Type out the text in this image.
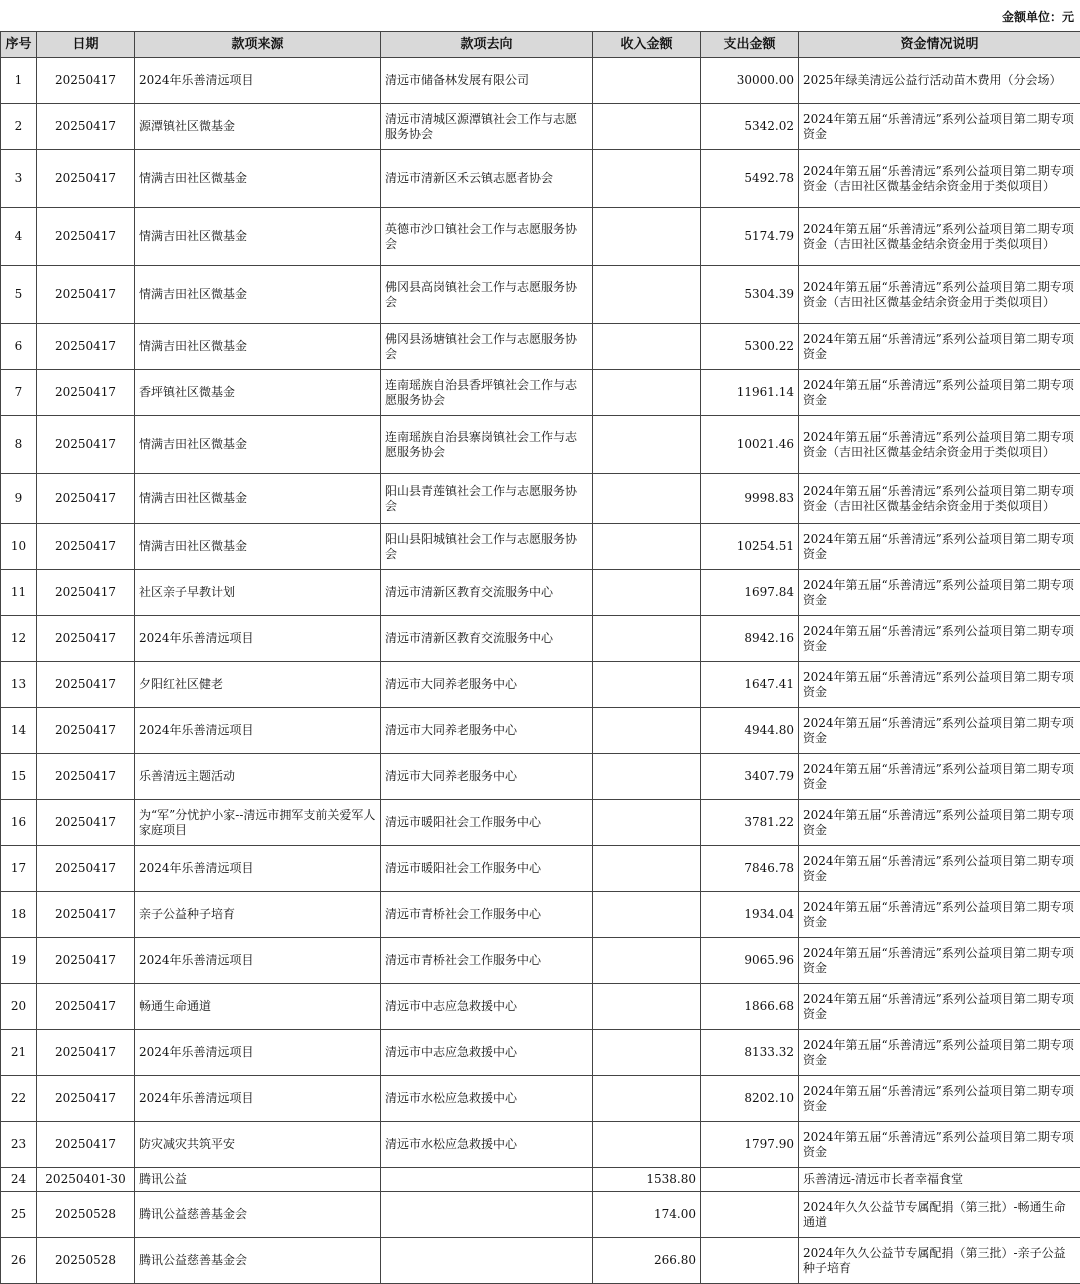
金额单位：元
序号	日期	款项来源	款项去向	收入金额	支出金额	资金情况说明
1	20250417	2024年乐善清远项目	清远市储备林发展有限公司		30000.00	2025年绿美清远公益行活动苗木费用（分会场）
2	20250417	源潭镇社区微基金	清远市清城区源潭镇社会工作与志愿服务协会		5342.02	2024年第五届“乐善清远”系列公益项目第二期专项资金
3	20250417	情满吉田社区微基金	清远市清新区禾云镇志愿者协会		5492.78	2024年第五届“乐善清远”系列公益项目第二期专项资金（吉田社区微基金结余资金用于类似项目）
4	20250417	情满吉田社区微基金	英德市沙口镇社会工作与志愿服务协会		5174.79	2024年第五届“乐善清远”系列公益项目第二期专项资金（吉田社区微基金结余资金用于类似项目）
5	20250417	情满吉田社区微基金	佛冈县高岗镇社会工作与志愿服务协会		5304.39	2024年第五届“乐善清远”系列公益项目第二期专项资金（吉田社区微基金结余资金用于类似项目）
6	20250417	情满吉田社区微基金	佛冈县汤塘镇社会工作与志愿服务协会		5300.22	2024年第五届“乐善清远”系列公益项目第二期专项资金
7	20250417	香坪镇社区微基金	连南瑶族自治县香坪镇社会工作与志愿服务协会		11961.14	2024年第五届“乐善清远”系列公益项目第二期专项资金
8	20250417	情满吉田社区微基金	连南瑶族自治县寨岗镇社会工作与志愿服务协会		10021.46	2024年第五届“乐善清远”系列公益项目第二期专项资金（吉田社区微基金结余资金用于类似项目）
9	20250417	情满吉田社区微基金	阳山县青莲镇社会工作与志愿服务协会		9998.83	2024年第五届“乐善清远”系列公益项目第二期专项资金（吉田社区微基金结余资金用于类似项目）
10	20250417	情满吉田社区微基金	阳山县阳城镇社会工作与志愿服务协会		10254.51	2024年第五届“乐善清远”系列公益项目第二期专项资金
11	20250417	社区亲子早教计划	清远市清新区教育交流服务中心		1697.84	2024年第五届“乐善清远”系列公益项目第二期专项资金
12	20250417	2024年乐善清远项目	清远市清新区教育交流服务中心		8942.16	2024年第五届“乐善清远”系列公益项目第二期专项资金
13	20250417	夕阳红社区健老	清远市大同养老服务中心		1647.41	2024年第五届“乐善清远”系列公益项目第二期专项资金
14	20250417	2024年乐善清远项目	清远市大同养老服务中心		4944.80	2024年第五届“乐善清远”系列公益项目第二期专项资金
15	20250417	乐善清远主题活动	清远市大同养老服务中心		3407.79	2024年第五届“乐善清远”系列公益项目第二期专项资金
16	20250417	为“军”分忧护小家--清远市拥军支前关爱军人家庭项目	清远市暖阳社会工作服务中心		3781.22	2024年第五届“乐善清远”系列公益项目第二期专项资金
17	20250417	2024年乐善清远项目	清远市暖阳社会工作服务中心		7846.78	2024年第五届“乐善清远”系列公益项目第二期专项资金
18	20250417	亲子公益种子培育	清远市青桥社会工作服务中心		1934.04	2024年第五届“乐善清远”系列公益项目第二期专项资金
19	20250417	2024年乐善清远项目	清远市青桥社会工作服务中心		9065.96	2024年第五届“乐善清远”系列公益项目第二期专项资金
20	20250417	畅通生命通道	清远市中志应急救援中心		1866.68	2024年第五届“乐善清远”系列公益项目第二期专项资金
21	20250417	2024年乐善清远项目	清远市中志应急救援中心		8133.32	2024年第五届“乐善清远”系列公益项目第二期专项资金
22	20250417	2024年乐善清远项目	清远市水松应急救援中心		8202.10	2024年第五届“乐善清远”系列公益项目第二期专项资金
23	20250417	防灾减灾共筑平安	清远市水松应急救援中心		1797.90	2024年第五届“乐善清远”系列公益项目第二期专项资金
24	20250401-30	腾讯公益		1538.80		乐善清远-清远市长者幸福食堂
25	20250528	腾讯公益慈善基金会		174.00		2024年久久公益节专属配捐（第三批）-畅通生命通道
26	20250528	腾讯公益慈善基金会		266.80		2024年久久公益节专属配捐（第三批）-亲子公益种子培育
